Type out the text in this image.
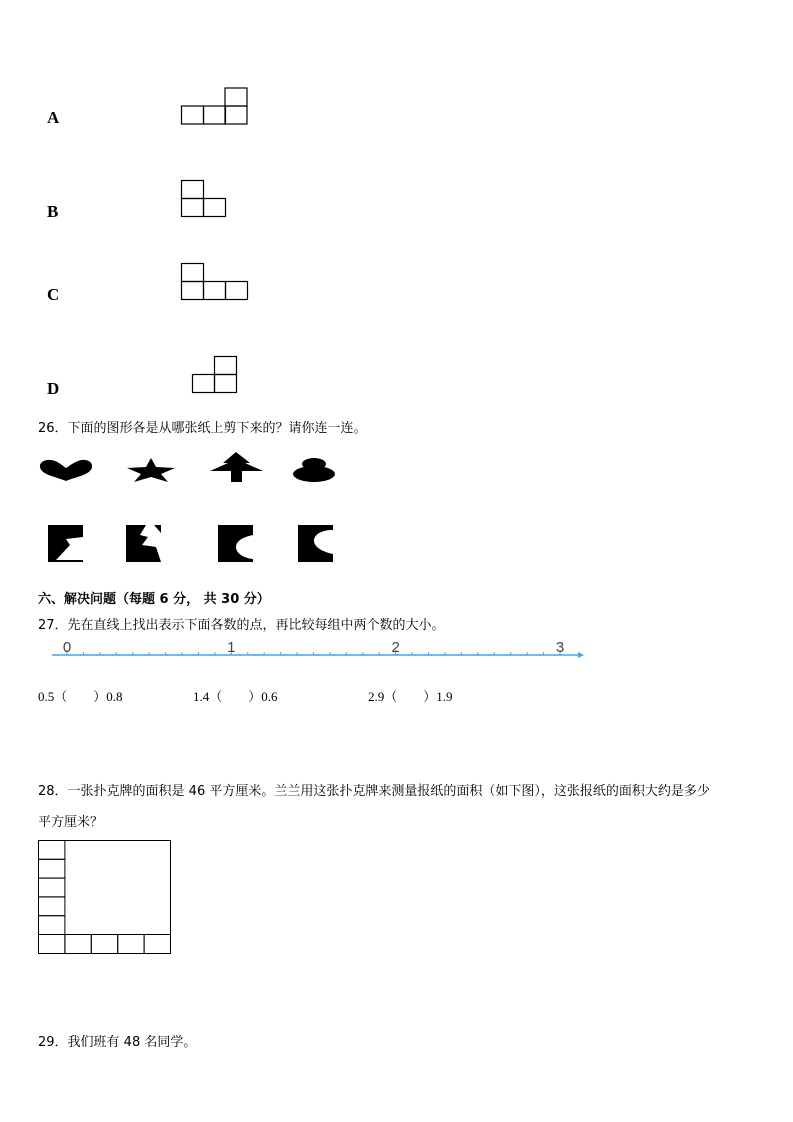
A
B
C
D
26．下面的图形各是从哪张纸上剪下来的？请你连一连。
六、解决问题（每题 6 分， 共 30 分）
27．先在直线上找出表示下面各数的点，再比较每组中两个数的大小。
0	1	2	3
0.5（　　）0.8	1.4（　　）0.6	2.9（　　）1.9
28．一张扑克牌的面积是 46 平方厘米。兰兰用这张扑克牌来测量报纸的面积（如下图），这张报纸的面积大约是多少
平方厘米？
29．我们班有 48 名同学。
